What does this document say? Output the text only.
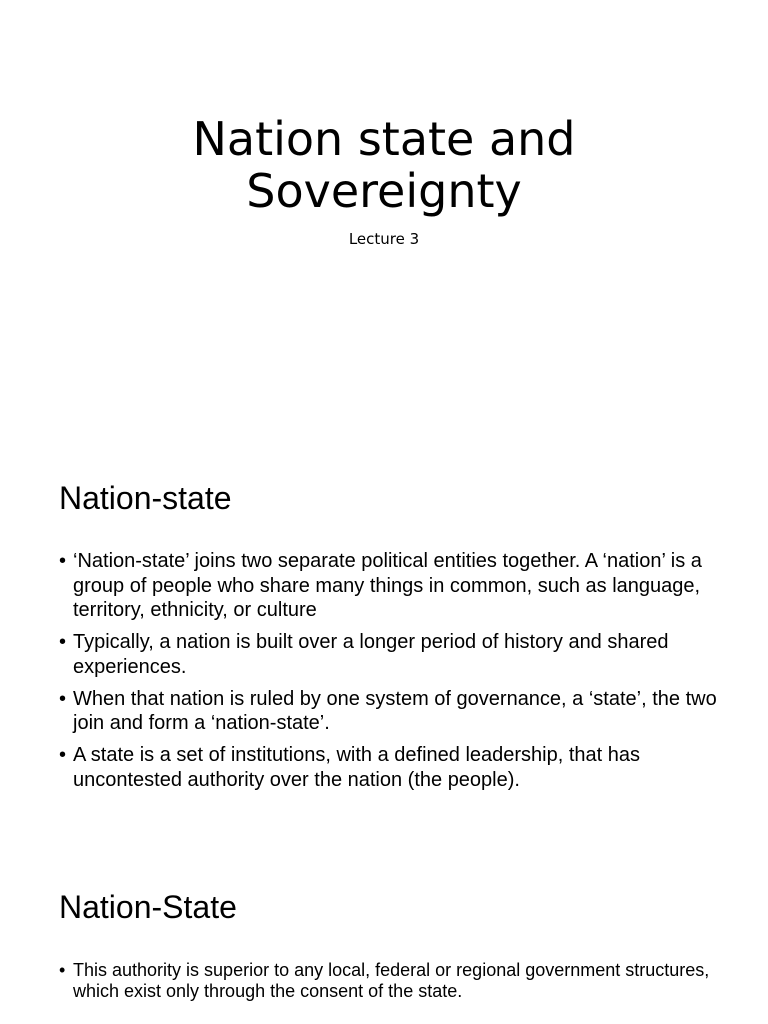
Nation state and
Sovereignty

Lecture 3

Nation-state
• ‘Nation-state’ joins two separate political entities together. A ‘nation’ is a group of people who share many things in common, such as language, territory, ethnicity, or culture
• Typically, a nation is built over a longer period of history and shared experiences.
• When that nation is ruled by one system of governance, a ‘state’, the two join and form a ‘nation-state’.
• A state is a set of institutions, with a defined leadership, that has uncontested authority over the nation (the people).
Nation-State
• This authority is superior to any local, federal or regional government structures, which exist only through the consent of the state.
